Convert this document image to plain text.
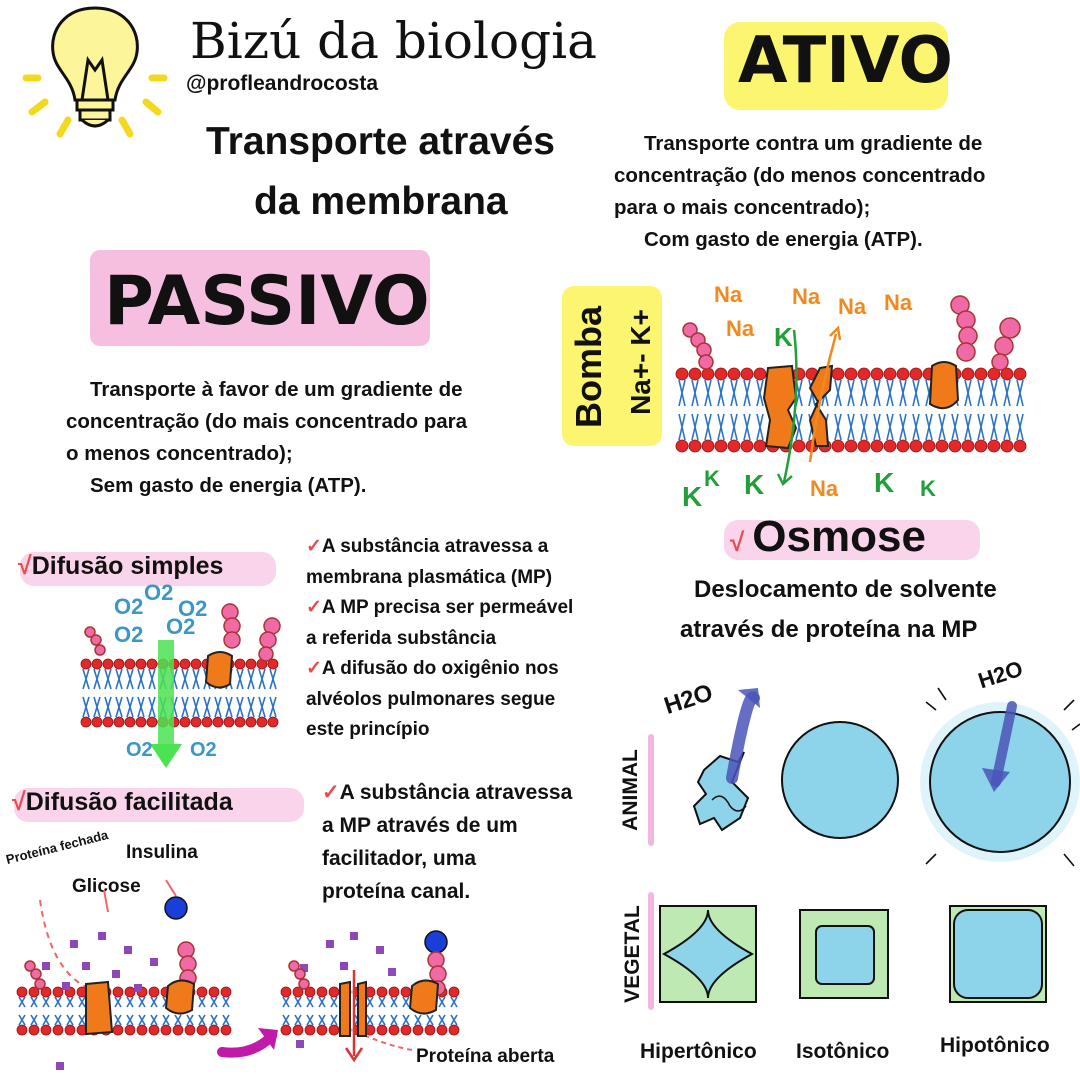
Bizú da biologia

@profleandrocosta

Transporte através

da membrana

ATIVO

Transporte contra um gradiente de
concentração (do menos concentrado
para o mais concentrado);
Com gasto de energia (ATP).

Bomba Na+- K+

Na Na Na Na
Na K
Na
K
K K	K K

PASSIVO

Transporte à favor de um gradiente de
concentração (do mais concentrado para
o menos concentrado);
Sem gasto de energia (ATP).

√Difusão simples

O2
O2
O2
O2 O2
O2 O2
✓A substância atravessa a
membrana plasmática (MP)
✓A MP precisa ser permeável
a referida substância
✓A difusão do oxigênio nos
alvéolos pulmonares segue
este princípio

√Difusão facilitada	✓A substância atravessa
a MP através de um
facilitador, uma
proteína canal.

Proteína fechada Insulina

Glicose

Proteína aberta

√ Osmose

Deslocamento de solvente

através de proteína na MP

ANIMAL

VEGETAL

H2O

H2O

Hipertônico Isotônico Hipotônico
